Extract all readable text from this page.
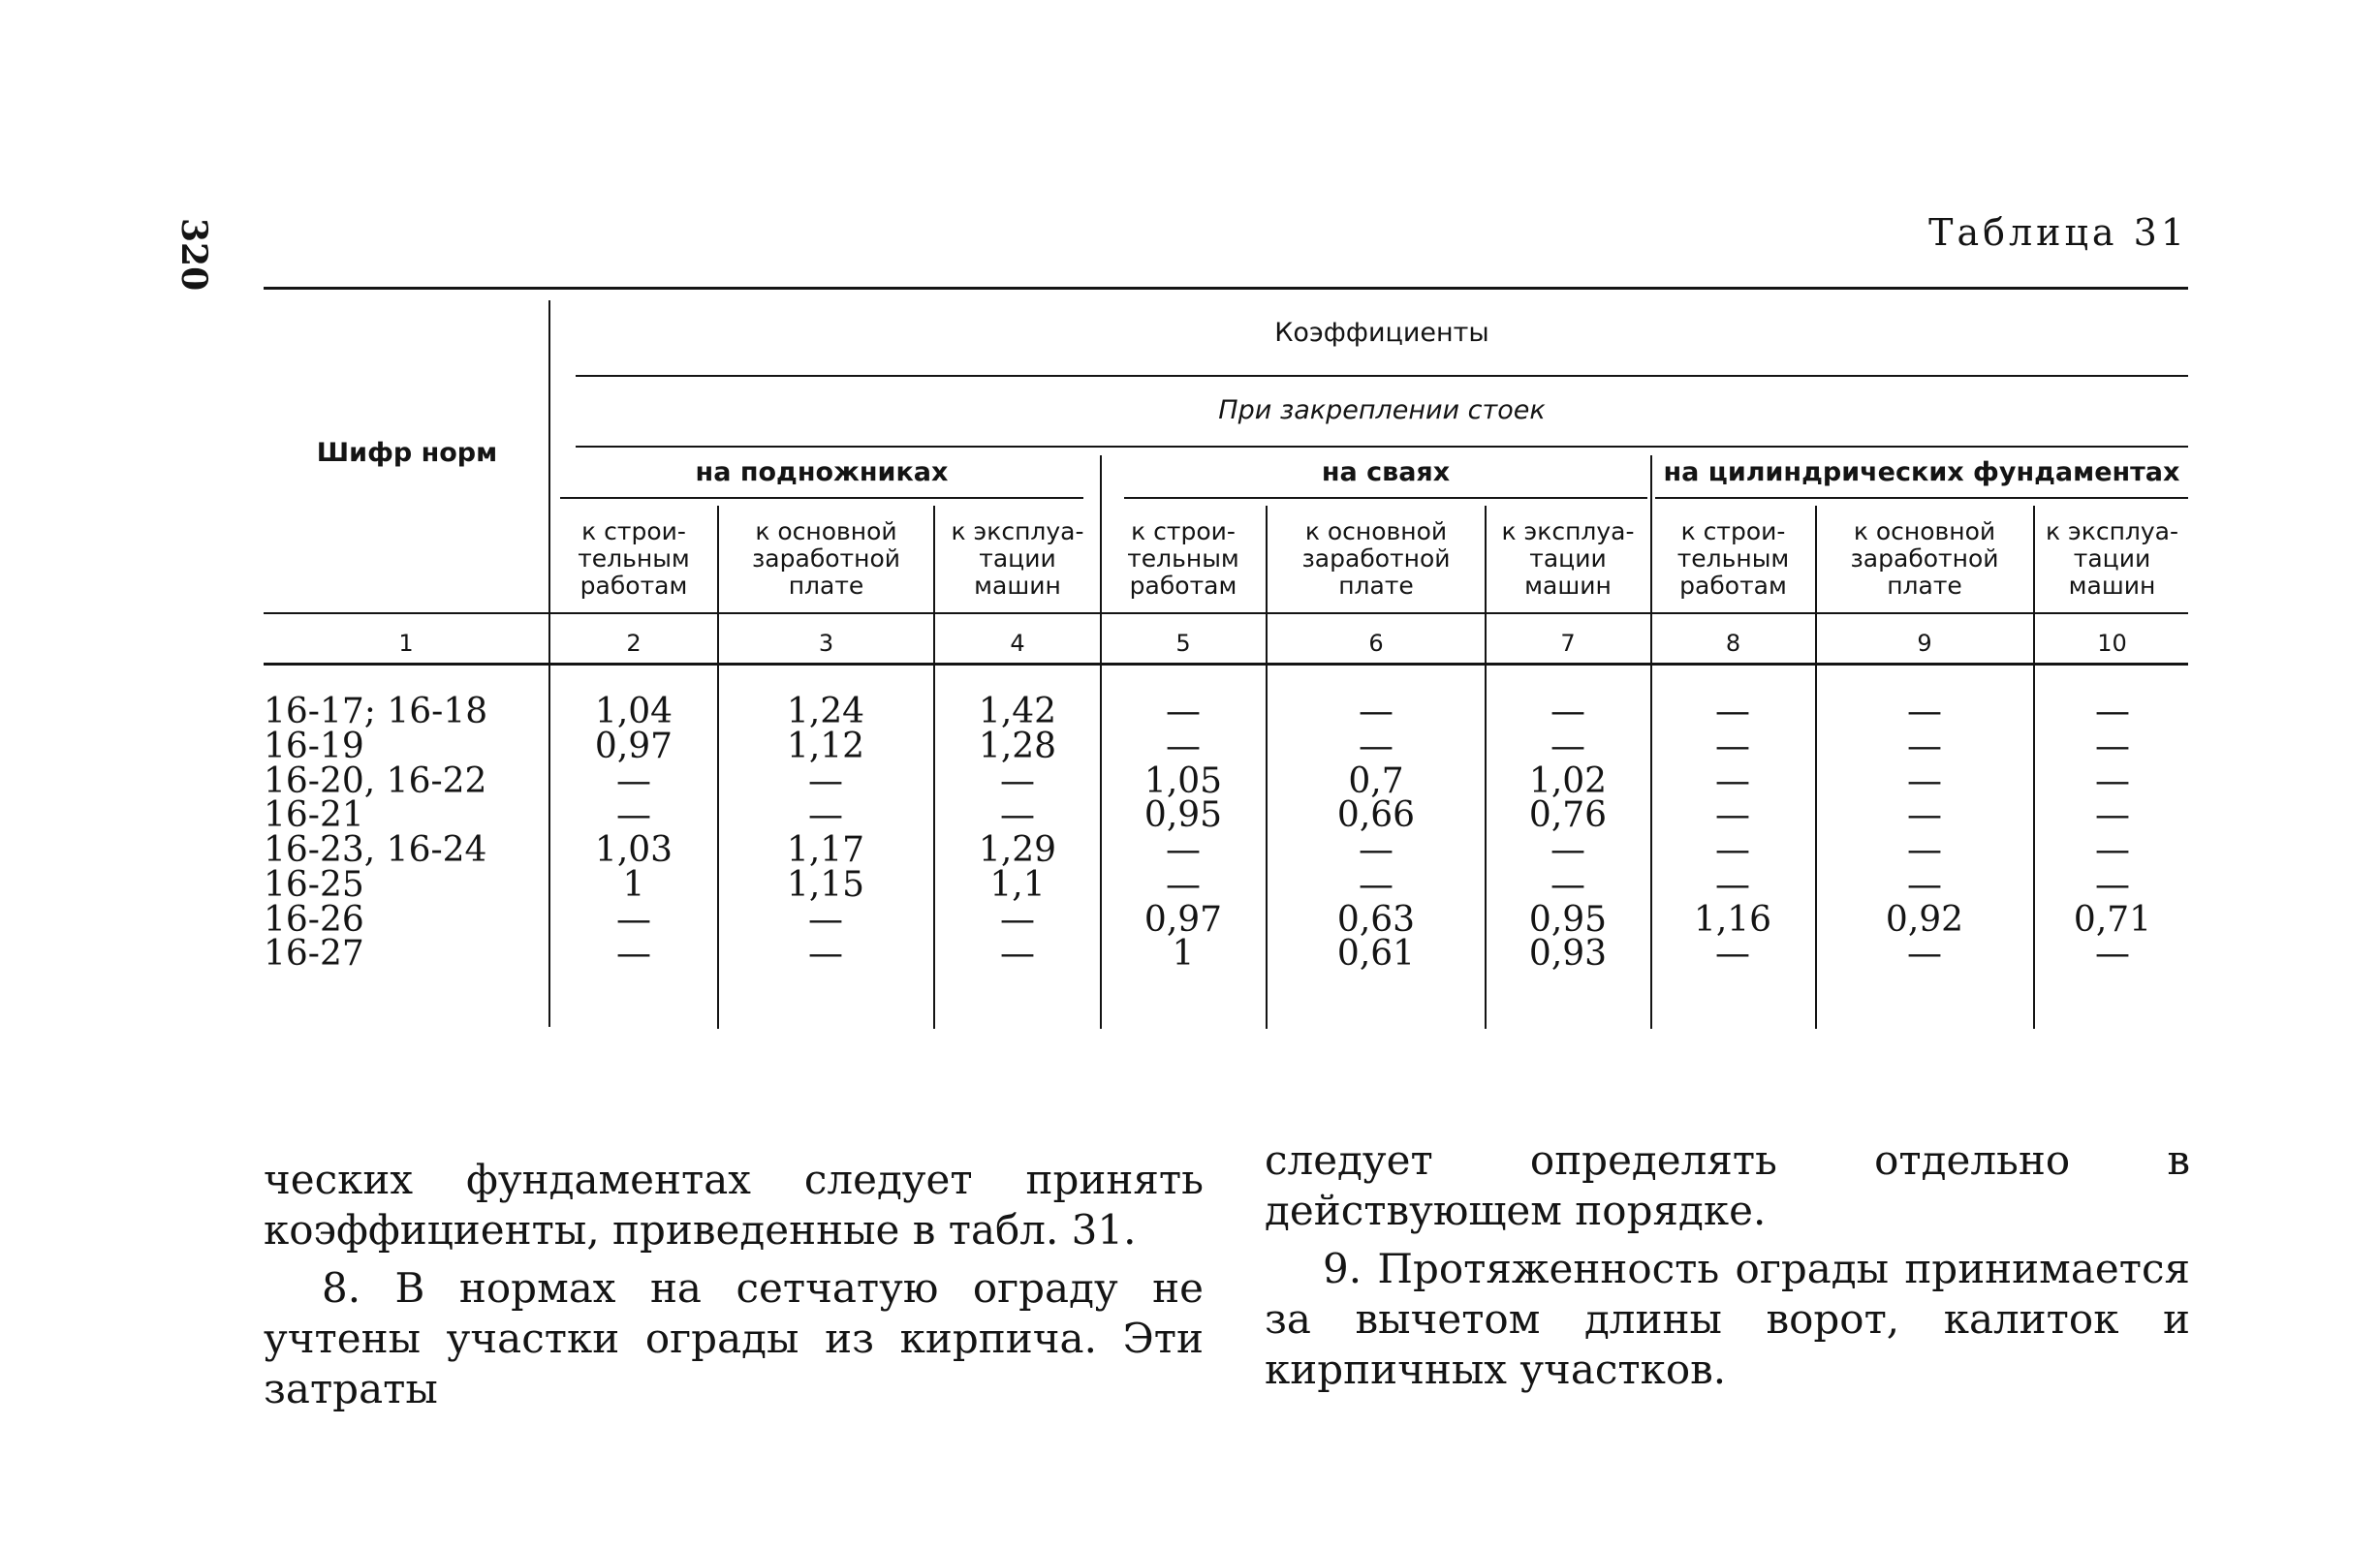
320	Таблица 31
Шифр норм
Коэффициенты
При закреплении стоек
на подножниках	на сваях	на цилиндрических фундаментах
к строи-
тельным
работам
к основной
заработной
плате
к эксплуа-
тации
машин
к строи-
тельным
работам
к основной
заработной
плате
к эксплуа-
тации
машин
к строи-
тельным
работам
к основной
заработной
плате
к эксплуа-
тации
машин
1	2	3	4	5	6	7	8	9	10
16-17; 16-18	1,04	1,24	1,42	—	—	—	—	—	—
16-19	0,97	1,12	1,28	—	—	—	—	—	—
16-20, 16-22	—	—	—	1,05	0,7	1,02	—	—	—
16-21	—	—	—	0,95	0,66	0,76	—	—	—
16-23, 16-24	1,03	1,17	1,29	—	—	—	—	—	—
16-25	1	1,15	1,1	—	—	—	—	—	—
16-26	—	—	—	0,97	0,63	0,95	1,16	0,92	0,71
16-27	—	—	—	1	0,61	0,93	—	—	—

ческих фундаментах следует принять коэффициенты, приведенные в табл. 31.

8. В нормах на сетчатую ограду не учтены участки ограды из кирпича. Эти затраты

следует определять отдельно в действующем порядке.

9. Протяженность ограды принимается за вычетом длины ворот, калиток и кирпичных участков.
